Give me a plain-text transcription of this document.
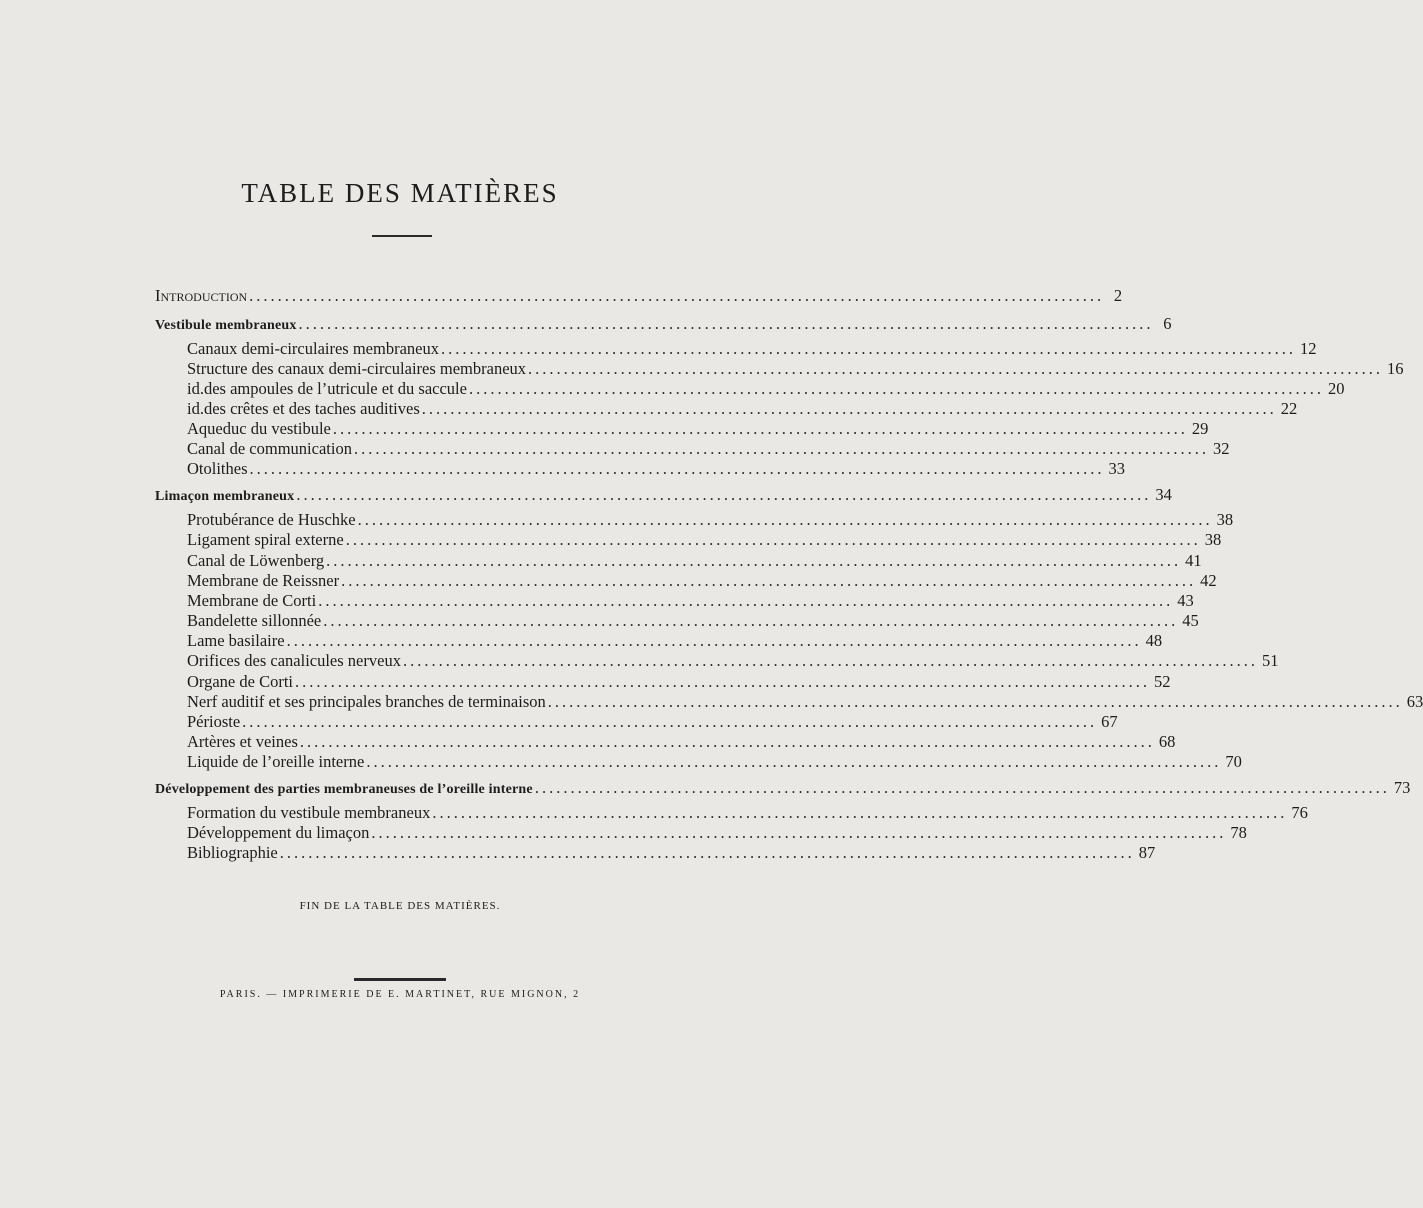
TABLE DES MATIÈRES
Introduction ........................................................................................................................ 2
Vestibule membraneux ........................................................................................................................ 6
Canaux demi-circulaires membraneux ........................................................................................................................ 12
Structure des canaux demi-circulaires membraneux ........................................................................................................................ 16
id. des ampoules de l’utricule et du saccule ........................................................................................................................ 20
id. des crêtes et des taches auditives ........................................................................................................................ 22
Aqueduc du vestibule ........................................................................................................................ 29
Canal de communication ........................................................................................................................ 32
Otolithes ........................................................................................................................ 33
Limaçon membraneux ........................................................................................................................ 34
Protubérance de Huschke ........................................................................................................................ 38
Ligament spiral externe ........................................................................................................................ 38
Canal de Löwenberg ........................................................................................................................ 41
Membrane de Reissner ........................................................................................................................ 42
Membrane de Corti ........................................................................................................................ 43
Bandelette sillonnée ........................................................................................................................ 45
Lame basilaire ........................................................................................................................ 48
Orifices des canalicules nerveux ........................................................................................................................ 51
Organe de Corti ........................................................................................................................ 52
Nerf auditif et ses principales branches de terminaison ........................................................................................................................ 63
Périoste ........................................................................................................................ 67
Artères et veines ........................................................................................................................ 68
Liquide de l’oreille interne ........................................................................................................................ 70
Développement des parties membraneuses de l’oreille interne ........................................................................................................................ 73
Formation du vestibule membraneux ........................................................................................................................ 76
Développement du limaçon ........................................................................................................................ 78
Bibliographie ........................................................................................................................ 87
FIN DE LA TABLE DES MATIÈRES.
PARIS. — IMPRIMERIE DE E. MARTINET, RUE MIGNON, 2
